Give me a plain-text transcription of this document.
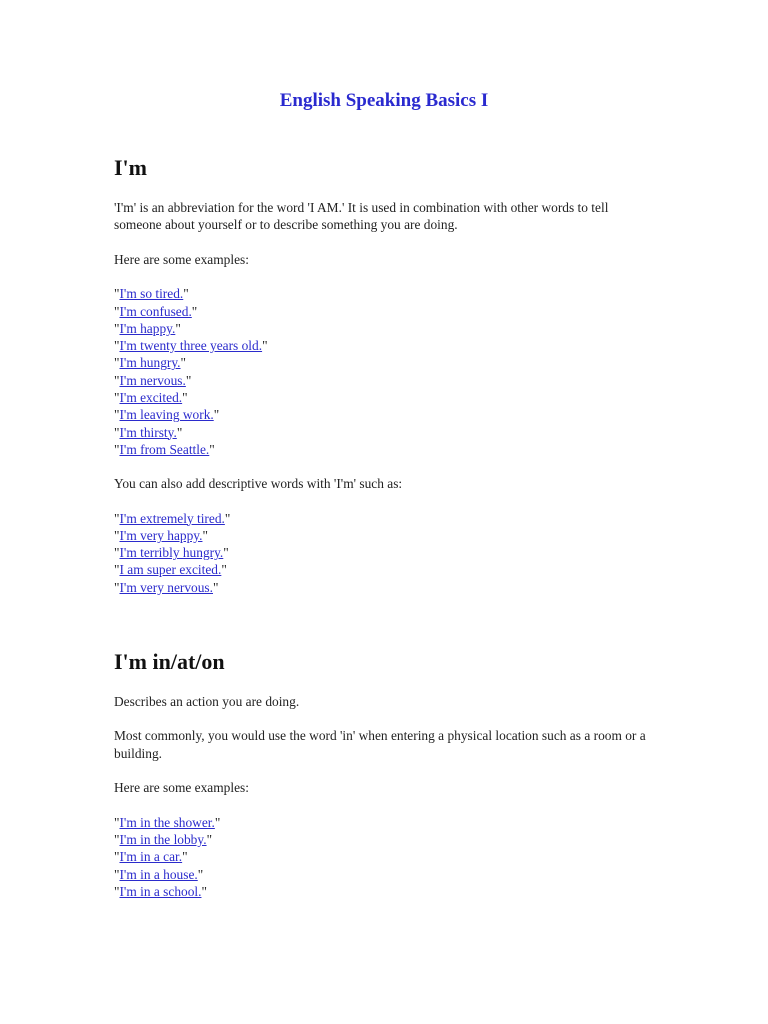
English Speaking Basics I
I'm

'I'm' is an abbreviation for the word 'I AM.' It is used in combination with other words to tell someone about yourself or to describe something you are doing.

Here are some examples:

"I'm so tired."
"I'm confused."
"I'm happy."
"I'm twenty three years old."
"I'm hungry."
"I'm nervous."
"I'm excited."
"I'm leaving work."
"I'm thirsty."
"I'm from Seattle."

You can also add descriptive words with 'I'm' such as:

"I'm extremely tired."
"I'm very happy."
"I'm terribly hungry."
"I am super excited."
"I'm very nervous."
I'm in/at/on

Describes an action you are doing.

Most commonly, you would use the word 'in' when entering a physical location such as a room or a building.

Here are some examples:

"I'm in the shower."
"I'm in the lobby."
"I'm in a car."
"I'm in a house."
"I'm in a school."
